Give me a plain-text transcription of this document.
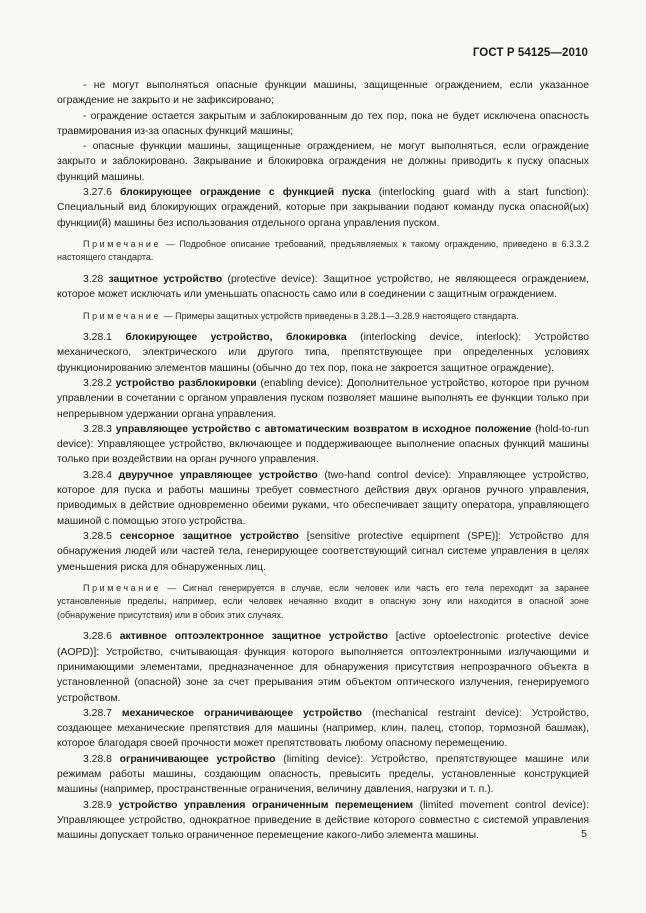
ГОСТ Р 54125—2010

- не могут выполняться опасные функции машины, защищенные ограждением, если указанное ограждение не закрыто и не зафиксировано;

- ограждение остается закрытым и заблокированным до тех пор, пока не будет исключена опасность травмирования из-за опасных функций машины;

- опасные функции машины, защищенные ограждением, не могут выполняться, если ограждение закрыто и заблокировано. Закрывание и блокировка ограждения не должны приводить к пуску опасных функций машины.

3.27.6 блокирующее ограждение с функцией пуска (interlocking guard with a start function): Специальный вид блокирующих ограждений, которые при закрывании подают команду пуска опасной(ых) функции(й) машины без использования отдельного органа управления пуском.

Примечание — Подробное описание требований, предъявляемых к такому ограждению, приведено в 6.3.3.2 настоящего стандарта.

3.28 защитное устройство (protective device): Защитное устройство, не являющееся ограждением, которое может исключать или уменьшать опасность само или в соединении с защитным ограждением.

Примечание — Примеры защитных устройств приведены в 3.28.1—3.28.9 настоящего стандарта.

3.28.1 блокирующее устройство, блокировка (interlocking device, interlock): Устройство механического, электрического или другого типа, препятствующее при определенных условиях функционированию элементов машины (обычно до тех пор, пока не закроется защитное ограждение).

3.28.2 устройство разблокировки (enabling device): Дополнительное устройство, которое при ручном управлении в сочетании с органом управления пуском позволяет машине выполнять ее функции только при непрерывном удержании органа управления.

3.28.3 управляющее устройство с автоматическим возвратом в исходное положение (hold-to-run device): Управляющее устройство, включающее и поддерживающее выполнение опасных функций машины только при воздействии на орган ручного управления.

3.28.4 двуручное управляющее устройство (two-hand control device): Управляющее устройство, которое для пуска и работы машины требует совместного действия двух органов ручного управления, приводимых в действие одновременно обеими руками, что обеспечивает защиту оператора, управляющего машиной с помощью этого устройства.

3.28.5 сенсорное защитное устройство [sensitive protective equipment (SPE)]: Устройство для обнаружения людей или частей тела, генерирующее соответствующий сигнал системе управления в целях уменьшения риска для обнаруженных лиц.

Примечание — Сигнал генерируется в случае, если человек или часть его тела переходит за заранее установленные пределы, например, если человек нечаянно входит в опасную зону или находится в опасной зоне (обнаружение присутствия) или в обоих этих случаях.

3.28.6 активное оптоэлектронное защитное устройство [active optoelectronic protective device (AOPD)]: Устройство, считывающая функция которого выполняется оптоэлектронными излучающими и принимающими элементами, предназначенное для обнаружения присутствия непрозрачного объекта в установленной (опасной) зоне за счет прерывания этим объектом оптического излучения, генерируемого устройством.

3.28.7 механическое ограничивающее устройство (mechanical restraint device): Устройство, создающее механические препятствия для машины (например, клин, палец, стопор, тормозной башмак), которое благодаря своей прочности может препятствовать любому опасному перемещению.

3.28.8 ограничивающее устройство (limiting device): Устройство, препятствующее машине или режимам работы машины, создающим опасность, превысить пределы, установленные конструкцией машины (например, пространственные ограничения, величину давления, нагрузки и т. п.).

3.28.9 устройство управления ограниченным перемещением (limited movement control device): Управляющее устройство, однократное приведение в действие которого совместно с системой управления машины допускает только ограниченное перемещение какого-либо элемента машины.	5
